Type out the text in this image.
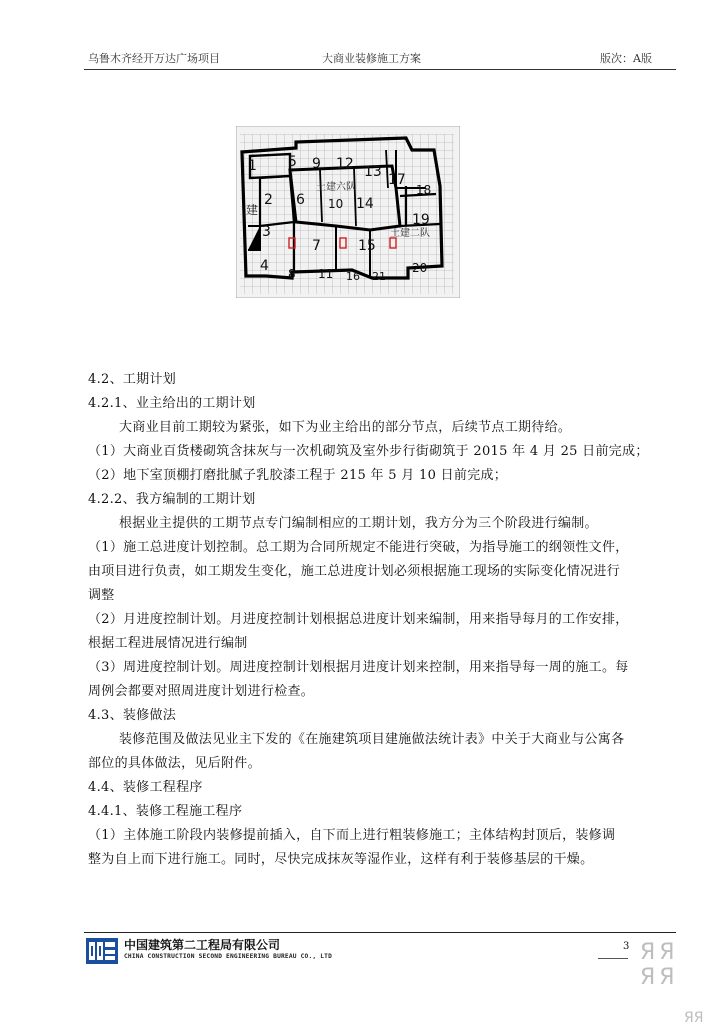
乌鲁木齐经开万达广场项目	大商业装修施工方案	版次：A版
1
2
3
4
5
6
7
8
9
10
11
12 13
14
15
16
17
18
19
20
21
土建六队
土建二队
建

4.2、工期计划

4.2.1、业主给出的工期计划

大商业目前工期较为紧张，如下为业主给出的部分节点，后续节点工期待给。

（1）大商业百货楼砌筑含抹灰与一次机砌筑及室外步行街砌筑于 2015 年 4 月 25 日前完成；

（2）地下室顶棚打磨批腻子乳胶漆工程于 215 年 5 月 10 日前完成；

4.2.2、我方编制的工期计划

根据业主提供的工期节点专门编制相应的工期计划，我方分为三个阶段进行编制。

（1）施工总进度计划控制。总工期为合同所规定不能进行突破，为指导施工的纲领性文件，

由项目进行负责，如工期发生变化，施工总进度计划必须根据施工现场的实际变化情况进行

调整

（2）月进度控制计划。月进度控制计划根据总进度计划来编制，用来指导每月的工作安排，

根据工程进展情况进行编制

（3）周进度控制计划。周进度控制计划根据月进度计划来控制，用来指导每一周的施工。每

周例会都要对照周进度计划进行检查。

4.3、装修做法

装修范围及做法见业主下发的《在施建筑项目建施做法统计表》中关于大商业与公寓各

部位的具体做法，见后附件。

4.4、装修工程程序

4.4.1、装修工程施工程序

（1）主体施工阶段内装修提前插入，自下而上进行粗装修施工；主体结构封顶后，装修调

整为自上而下进行施工。同时，尽快完成抹灰等湿作业，这样有利于装修基层的干燥。

中国建筑第二工程局有限公司
CHINA CONSTRUCTION SECOND ENGINEERING BUREAU CO., LTD
3 ЯЯ ЯЯ
ЯЯ
